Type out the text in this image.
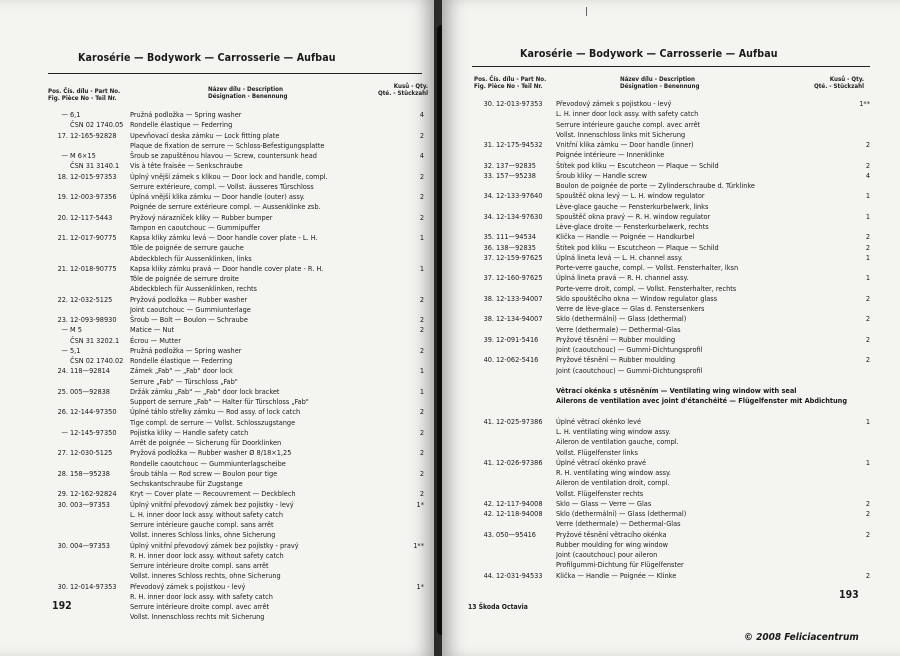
Karosérie — Bodywork — Carrosserie — Aufbau
Pos. Čís. dílu - Part No.
Fig. Pièce No - Teil Nr.
Název dílu - Description
Désignation - Benennung
Kusů - Qty.
Qté. - Stückzahl
— 6,1	Pružná podložka — Spring washer	4
ČSN 02 1740.05 Rondelle élastique — Federring
17. 12-165-92828	Upevňovací deska zámku — Lock fitting plate	2
Plaque de fixation de serrure — Schloss-Befestigungsplatte
— M 6×15	Šroub se zapuštěnou hlavou — Screw, countersunk head	4
ČSN 31 3140.1	Vis à tête fraisée — Senkschraube
18. 12-015-97353	Úplný vnější zámek s klikou — Door lock and handle, compl.	2
Serrure extérieure, compl. — Vollst. äusseres Türschloss
19. 12-003-97356	Úplná vnější klika zámku — Door handle (outer) assy.	2
Poignée de serrure extérieure compl. — Aussenklinke zsb.
20. 12-117-5443	Pryžový nárazníček kliky — Rubber bumper	2
Tampon en caoutchouc — Gummipuffer
21. 12-017-90775	Kapsa kliky zámku levá — Door handle cover plate - L. H.	1
Tôle de poignée de serrure gauche
Abdeckblech für Aussenklinken, links
21. 12-018-90775	Kapsa kliky zámku pravá — Door handle cover plate - R. H.	1
Tôle de poignée de serrure droite
Abdeckblech für Aussenklinken, rechts
22. 12-032-5125	Pryžová podložka — Rubber washer	2
Joint caoutchouc — Gummiunterlage
23. 12-093-98930	Šroub — Bolt — Boulon — Schraube	2
— M 5	Matice — Nut	2
ČSN 31 3202.1	Écrou — Mutter
— 5,1	Pružná podložka — Spring washer	2
ČSN 02 1740.02 Rondelle élastique — Federring
24. 118—92814	Zámek „Fab" — „Fab" door lock	1
Serrure „Fab" — Türschloss „Fab"
25. 005—92838	Držák zámku „Fab" — „Fab" door lock bracket	1
Support de serrure „Fab" — Halter für Türschloss „Fab"
26. 12-144-97350	Úplné táhlo střelky zámku — Rod assy. of lock catch	2
Tige compl. de serrure — Vollst. Schlosszugstange
— 12-145-97350	Pojistka kliky — Handle safety catch	2
Arrêt de poignée — Sicherung für Doorklinken
27. 12-030-5125	Pryžová podložka — Rubber washer Ø 8/18×1,25	2
Rondelle caoutchouc — Gummiunterlagscheibe
28. 158—95238	Šroub táhla — Rod screw — Boulon pour tige	2
Sechskantschraube für Zugstange
29. 12-162-92824	Kryt — Cover plate — Recouvrement — Deckblech	2
30. 003—97353	Úplný vnitřní převodový zámek bez pojistky - levý	1*
L. H. inner door lock assy. without safety catch
Serrure intérieure gauche compl. sans arrêt
Vollst. inneres Schloss links, ohne Sicherung
30. 004—97353	Úplný vnitřní převodový zámek bez pojistky - pravý	1**
R. H. inner door lock assy. without safety catch
Serrure intérieure droite compl. sans arrêt
Vollst. inneres Schloss rechts, ohne Sicherung
30. 12-014-97353	Převodový zámek s pojistkou - levý	1*
R. H. inner door lock assy. with safety catch
Serrure intérieure droite compl. avec arrêt
Vollst. Innenschloss rechts mit Sicherung
192
|
Karosérie — Bodywork — Carrosserie — Aufbau
Pos. Čís. dílu - Part No.
Fig. Pièce No - Teil Nr.
Název dílu - Description
Désignation - Benennung
Kusů - Qty.
Qté. - Stückzahl
30. 12-013-97353	Převodový zámek s pojistkou - levý	1**
L. H. inner door lock assy. with safety catch
Serrure intérieure gauche compl. avec arrêt
Vollst. Innenschloss links mit Sicherung
31. 12-175-94532	Vnitřní klika zámku — Door handle (inner)	2
Poignée intérieure — Innenklinke
32. 137—92835	Štítek pod kliku — Escutcheon — Plaque — Schild	2
33. 157—95238	Šroub kliky — Handle screw	4
Boulon de poignée de porte — Zylinderschraube d. Türklinke
34. 12-133-97640	Spouštěč okna levý — L. H. window regulator	1
Lève-glace gauche — Fensterkurbelwerk, links
34. 12-134-97630	Spouštěč okna pravý — R. H. window regulator	1
Lève-glace droite — Fensterkurbelwerk, rechts
35. 111—94534	Klička — Handle — Poignée — Handkurbel	2
36. 138—92835	Štítek pod kliku — Escutcheon — Plaque — Schild	2
37. 12-159-97625	Úplná lineta levá — L. H. channel assy.	1
Porte-verre gauche, compl. — Vollst. Fensterhalter, lksn
37. 12-160-97625	Úplná lineta pravá — R. H. channel assy.	1
Porte-verre droit, compl. — Vollst. Fensterhalter, rechts
38. 12-133-94007	Sklo spouštěcího okna — Window regulator glass	2
Verre de lève-glace — Glas d. Fenstersenkers
38. 12-134-94007	Sklo (dethermální) — Glass (dethermal)	2
Verre (dethermale) — Dethermal-Glas
39. 12-091-5416	Pryžové těsnění — Rubber moulding	2
Joint (caoutchouc) — Gummi-Dichtungsprofil
40. 12-062-5416	Pryžové těsnění — Rubber moulding	2
Joint (caoutchouc) — Gummi-Dichtungsprofil
Větrací okénka s utěsněním — Ventilating wing window with seal
Ailerons de ventilation avec joint d'étanchéité — Flügelfenster mit Abdichtung
41. 12-025-97386	Úplné větrací okénko levé	1
L. H. ventilating wing window assy.
Aileron de ventilation gauche, compl.
Vollst. Flügelfenster links
41. 12-026-97386	Úplné větrací okénko pravé	1
R. H. ventilating wing window assy.
Aileron de ventilation droit, compl.
Vollst. Flügelfenster rechts
42. 12-117-94008	Sklo — Glass — Verre — Glas	2
42. 12-118-94008	Sklo (dethermální) — Glass (dethermal)	2
Verre (dethermale) — Dethermal-Glas
43. 050—95416	Pryžové těsnění větracího okénka	2
Rubber moulding for wing window
Joint (caoutchouc) pour aileron
Profilgummi-Dichtung für Flügelfenster
44. 12-031-94533	Klička — Handle — Poignée — Klinke	2
13 Škoda Octavia
193
© 2008 Feliciacentrum
